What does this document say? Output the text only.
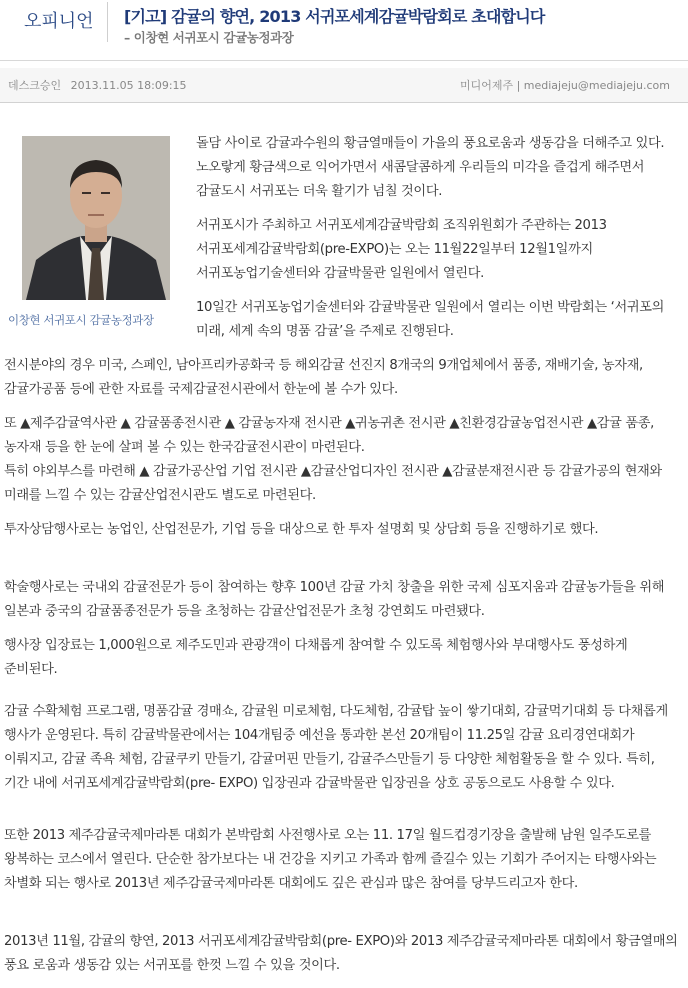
오피니언	[기고] 감귤의 향연, 2013 서귀포세계감귤박람회로 초대합니다
– 이창현 서귀포시 감귤농정과장
데스크승인 2013.11.05 18:09:15	미디어제주 | mediajeju@mediajeju.com
이창현 서귀포시 감귤농정과장
돌담 사이로 감귤과수원의 황금열매들이 가을의 풍요로움과 생동감을 더해주고 있다. 노오랗게 황금색으로 익어가면서 새콤달콤하게 우리들의 미각을 즐겁게 해주면서 감귤도시 서귀포는 더욱 활기가 넘칠 것이다.
서귀포시가 주최하고 서귀포세계감귤박람회 조직위원회가 주관하는 2013 서귀포세계감귤박람회(pre-EXPO)는 오는 11월22일부터 12월1일까지 서귀포농업기술센터와 감귤박물관 일원에서 열린다.
10일간 서귀포농업기술센터와 감귤박물관 일원에서 열리는 이번 박람회는 ‘서귀포의 미래, 세계 속의 명품 감귤’을 주제로 진행된다.
전시분야의 경우 미국, 스페인, 남아프리카공화국 등 해외감귤 선진지 8개국의 9개업체에서 품종, 재배기술, 농자재, 감귤가공품 등에 관한 자료를 국제감귤전시관에서 한눈에 볼 수가 있다.
또 ▲제주감귤역사관 ▲ 감귤품종전시관 ▲ 감귤농자재 전시관 ▲귀농귀촌 전시관 ▲친환경감귤농업전시관 ▲감귤 품종, 농자재 등을 한 눈에 살펴 볼 수 있는 한국감귤전시관이 마련된다.
특히 야외부스를 마련해 ▲ 감귤가공산업 기업 전시관 ▲감귤산업디자인 전시관 ▲감귤분재전시관 등 감귤가공의 현재와 미래를 느낄 수 있는 감귤산업전시관도 별도로 마련된다.
투자상담행사로는 농업인, 산업전문가, 기업 등을 대상으로 한 투자 설명회 및 상담회 등을 진행하기로 했다.
학술행사로는 국내외 감귤전문가 등이 참여하는 향후 100년 감귤 가치 창출을 위한 국제 심포지움과 감귤농가들을 위해 일본과 중국의 감귤품종전문가 등을 초청하는 감귤산업전문가 초청 강연회도 마련됐다.
행사장 입장료는 1,000원으로 제주도민과 관광객이 다채롭게 참여할 수 있도록 체험행사와 부대행사도 풍성하게 준비된다.
감귤 수확체험 프로그램, 명품감귤 경매쇼, 감귤원 미로체험, 다도체험, 감귤탑 높이 쌓기대회, 감귤먹기대회 등 다채롭게 행사가 운영된다. 특히 감귤박물관에서는 104개팀중 예선을 통과한 본선 20개팀이 11.25일 감귤 요리경연대회가 이뤄지고, 감귤 족욕 체험, 감귤쿠키 만들기, 감귤머핀 만들기, 감귤주스만들기 등 다양한 체험활동을 할 수 있다. 특히, 기간 내에 서귀포세계감귤박람회(pre- EXPO) 입장권과 감귤박물관 입장권을 상호 공동으로도 사용할 수 있다.
또한 2013 제주감귤국제마라톤 대회가 본박람회 사전행사로 오는 11. 17일 월드컵경기장을 출발해 남원 일주도로를 왕복하는 코스에서 열린다. 단순한 참가보다는 내 건강을 지키고 가족과 함께 즐길수 있는 기회가 주어지는 타행사와는 차별화 되는 행사로 2013년 제주감귤국제마라톤 대회에도 깊은 관심과 많은 참여를 당부드리고자 한다.
2013년 11월, 감귤의 향연, 2013 서귀포세계감귤박람회(pre- EXPO)와 2013 제주감귤국제마라톤 대회에서 황금열매의 풍요 로움과 생동감 있는 서귀포를 한껏 느낄 수 있을 것이다.
